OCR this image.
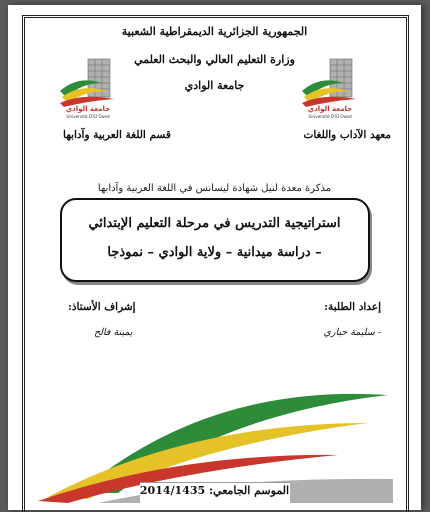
الجمهورية الجزائرية الديمقراطية الشعبية
وزارة التعليم العالي والبحث العلمي
جامعة الوادي
جامعة الوادي
Université D'El Oued
جامعة الوادي
Université D'El Oued
معهد الآداب واللغات
قسم اللغة العربية وآدابها
مذكرة معدة لنيل شهادة ليسانس في اللغة العربية وآدابها
استراتيجية التدريس في مرحلة التعليم الإبتدائي
– دراسة ميدانية – ولاية الوادي – نموذجا
إعداد الطلبة:
إشراف الأستاذ:
- سليمة حياري
يمينة فالح
الموسم الجامعي: 2014/1435
